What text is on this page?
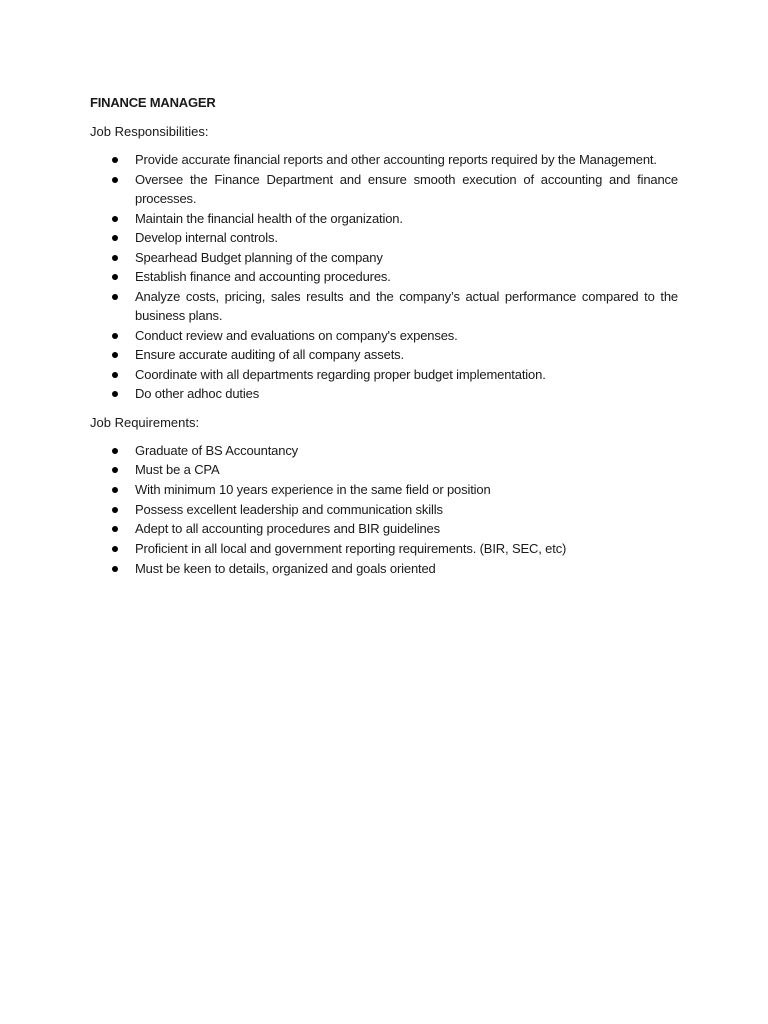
FINANCE MANAGER
Job Responsibilities:
Provide accurate financial reports and other accounting reports required by the Management.
Oversee the Finance Department and ensure smooth execution of accounting and finance processes.
Maintain the financial health of the organization.
Develop internal controls.
Spearhead Budget planning of the company
Establish finance and accounting procedures.
Analyze costs, pricing, sales results and the company’s actual performance compared to the business plans.
Conduct review and evaluations on company's expenses.
Ensure accurate auditing of all company assets.
Coordinate with all departments regarding proper budget implementation.
Do other adhoc duties
Job Requirements:
Graduate of BS Accountancy
Must be a CPA
With minimum 10 years experience in the same field or position
Possess excellent leadership and communication skills
Adept to all accounting procedures and BIR guidelines
Proficient in all local and government reporting requirements. (BIR, SEC, etc)
Must be keen to details, organized and goals oriented
